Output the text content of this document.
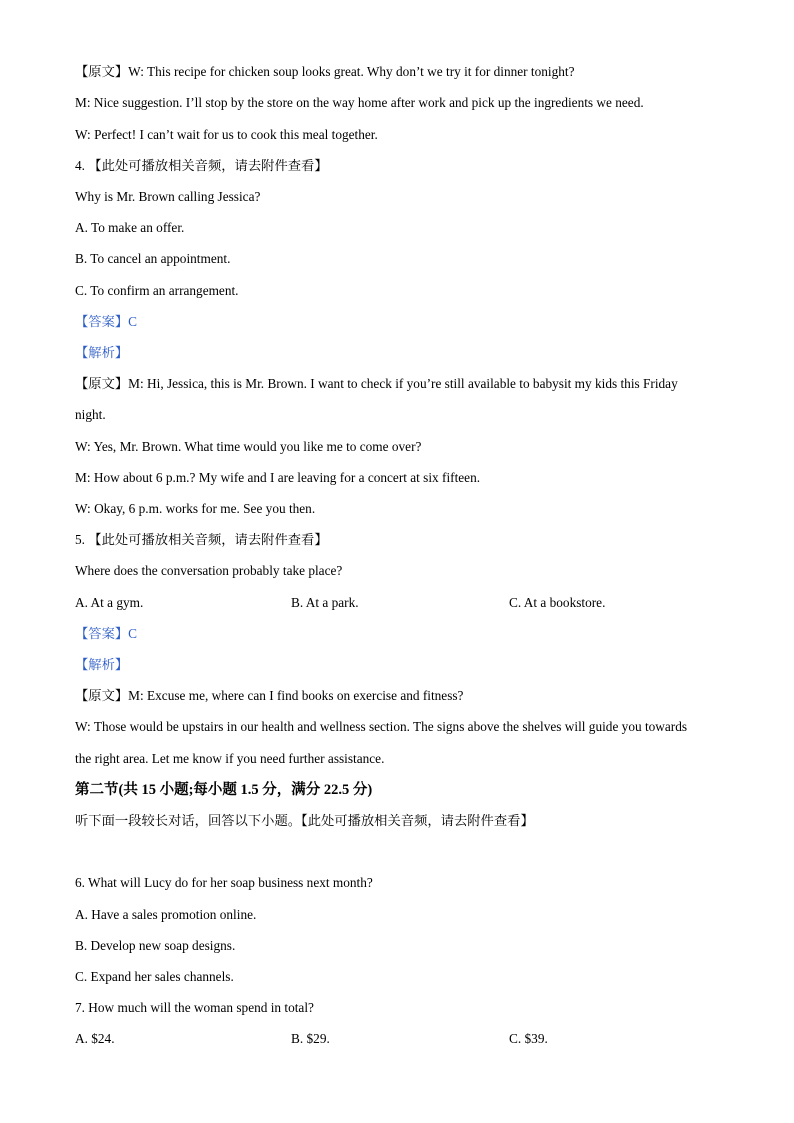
【原文】W: This recipe for chicken soup looks great. Why don’t we try it for dinner tonight?
M: Nice suggestion. I’ll stop by the store on the way home after work and pick up the ingredients we need.
W: Perfect! I can’t wait for us to cook this meal together.
4. 【此处可播放相关音频，请去附件查看】
Why is Mr. Brown calling Jessica?
A. To make an offer.
B. To cancel an appointment.
C. To confirm an arrangement.
【答案】C
【解析】
【原文】M: Hi, Jessica, this is Mr. Brown. I want to check if you’re still available to babysit my kids this Friday
night.
W: Yes, Mr. Brown. What time would you like me to come over?
M: How about 6 p.m.? My wife and I are leaving for a concert at six fifteen.
W: Okay, 6 p.m. works for me. See you then.
5. 【此处可播放相关音频，请去附件查看】
Where does the conversation probably take place?
A. At a gym.	B. At a park.	C. At a bookstore.
【答案】C
【解析】
【原文】M: Excuse me, where can I find books on exercise and fitness?
W: Those would be upstairs in our health and wellness section. The signs above the shelves will guide you towards
the right area. Let me know if you need further assistance.
第二节(共 15 小题;每小题 1.5 分，满分 22.5 分)
听下面一段较长对话，回答以下小题。【此处可播放相关音频，请去附件查看】
6. What will Lucy do for her soap business next month?
A. Have a sales promotion online.
B. Develop new soap designs.
C. Expand her sales channels.
7. How much will the woman spend in total?
A. $24.	B. $29.	C. $39.
